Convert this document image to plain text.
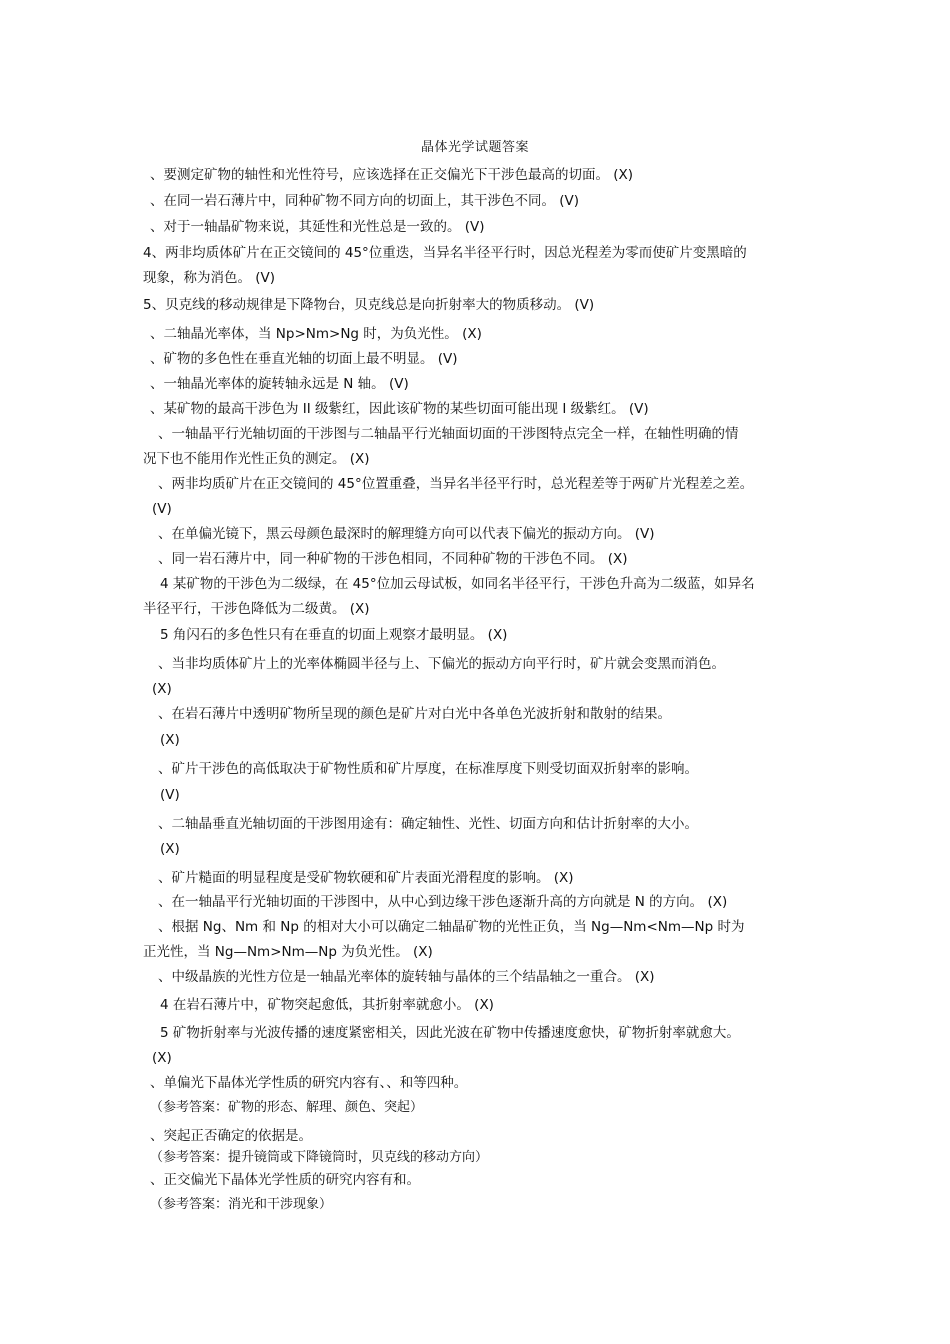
晶体光学试题答案
、要测定矿物的轴性和光性符号，应该选择在正交偏光下干涉色最高的切面。 (X)
、在同一岩石薄片中，同种矿物不同方向的切面上，其干涉色不同。 (V)
、对于一轴晶矿物来说，其延性和光性总是一致的。 (V)
4、两非均质体矿片在正交镜间的 45°位重迭，当异名半径平行时，因总光程差为零而使矿片变黑暗的
现象，称为消色。 (V)
5、贝克线的移动规律是下降物台，贝克线总是向折射率大的物质移动。 (V)
、二轴晶光率体，当 Np>Nm>Ng 时，为负光性。 (X)
、矿物的多色性在垂直光轴的切面上最不明显。 (V)
、一轴晶光率体的旋转轴永远是 N 轴。 (V)
、某矿物的最高干涉色为 II 级紫红，因此该矿物的某些切面可能出现 I 级紫红。 (V)
、一轴晶平行光轴切面的干涉图与二轴晶平行光轴面切面的干涉图特点完全一样，在轴性明确的情
况下也不能用作光性正负的测定。 (X)
、两非均质矿片在正交镜间的 45°位置重叠，当异名半径平行时，总光程差等于两矿片光程差之差。
(V)
、在单偏光镜下，黑云母颜色最深时的解理缝方向可以代表下偏光的振动方向。 (V)
、同一岩石薄片中，同一种矿物的干涉色相同，不同种矿物的干涉色不同。 (X)
4 某矿物的干涉色为二级绿，在 45°位加云母试板，如同名半径平行，干涉色升高为二级蓝，如异名
半径平行，干涉色降低为二级黄。 (X)
5 角闪石的多色性只有在垂直的切面上观察才最明显。 (X)
、当非均质体矿片上的光率体椭圆半径与上、下偏光的振动方向平行时，矿片就会变黑而消色。
(X)
、在岩石薄片中透明矿物所呈现的颜色是矿片对白光中各单色光波折射和散射的结果。
(X)
、矿片干涉色的高低取决于矿物性质和矿片厚度，在标准厚度下则受切面双折射率的影响。
(V)
、二轴晶垂直光轴切面的干涉图用途有：确定轴性、光性、切面方向和估计折射率的大小。
(X)
、矿片糙面的明显程度是受矿物软硬和矿片表面光滑程度的影响。 (X)
、在一轴晶平行光轴切面的干涉图中，从中心到边缘干涉色逐渐升高的方向就是 N 的方向。 (X)
、根据 Ng、Nm 和 Np 的相对大小可以确定二轴晶矿物的光性正负，当 Ng—Nm<Nm—Np 时为
正光性，当 Ng—Nm>Nm—Np 为负光性。 (X)
、中级晶族的光性方位是一轴晶光率体的旋转轴与晶体的三个结晶轴之一重合。 (X)
4 在岩石薄片中，矿物突起愈低，其折射率就愈小。 (X)
5 矿物折射率与光波传播的速度紧密相关，因此光波在矿物中传播速度愈快，矿物折射率就愈大。
(X)
、单偏光下晶体光学性质的研究内容有、、和等四种。
（参考答案：矿物的形态、解理、颜色、突起）
、突起正否确定的依据是。
（参考答案：提升镜筒或下降镜筒时，贝克线的移动方向）
、正交偏光下晶体光学性质的研究内容有和。
（参考答案：消光和干涉现象）
